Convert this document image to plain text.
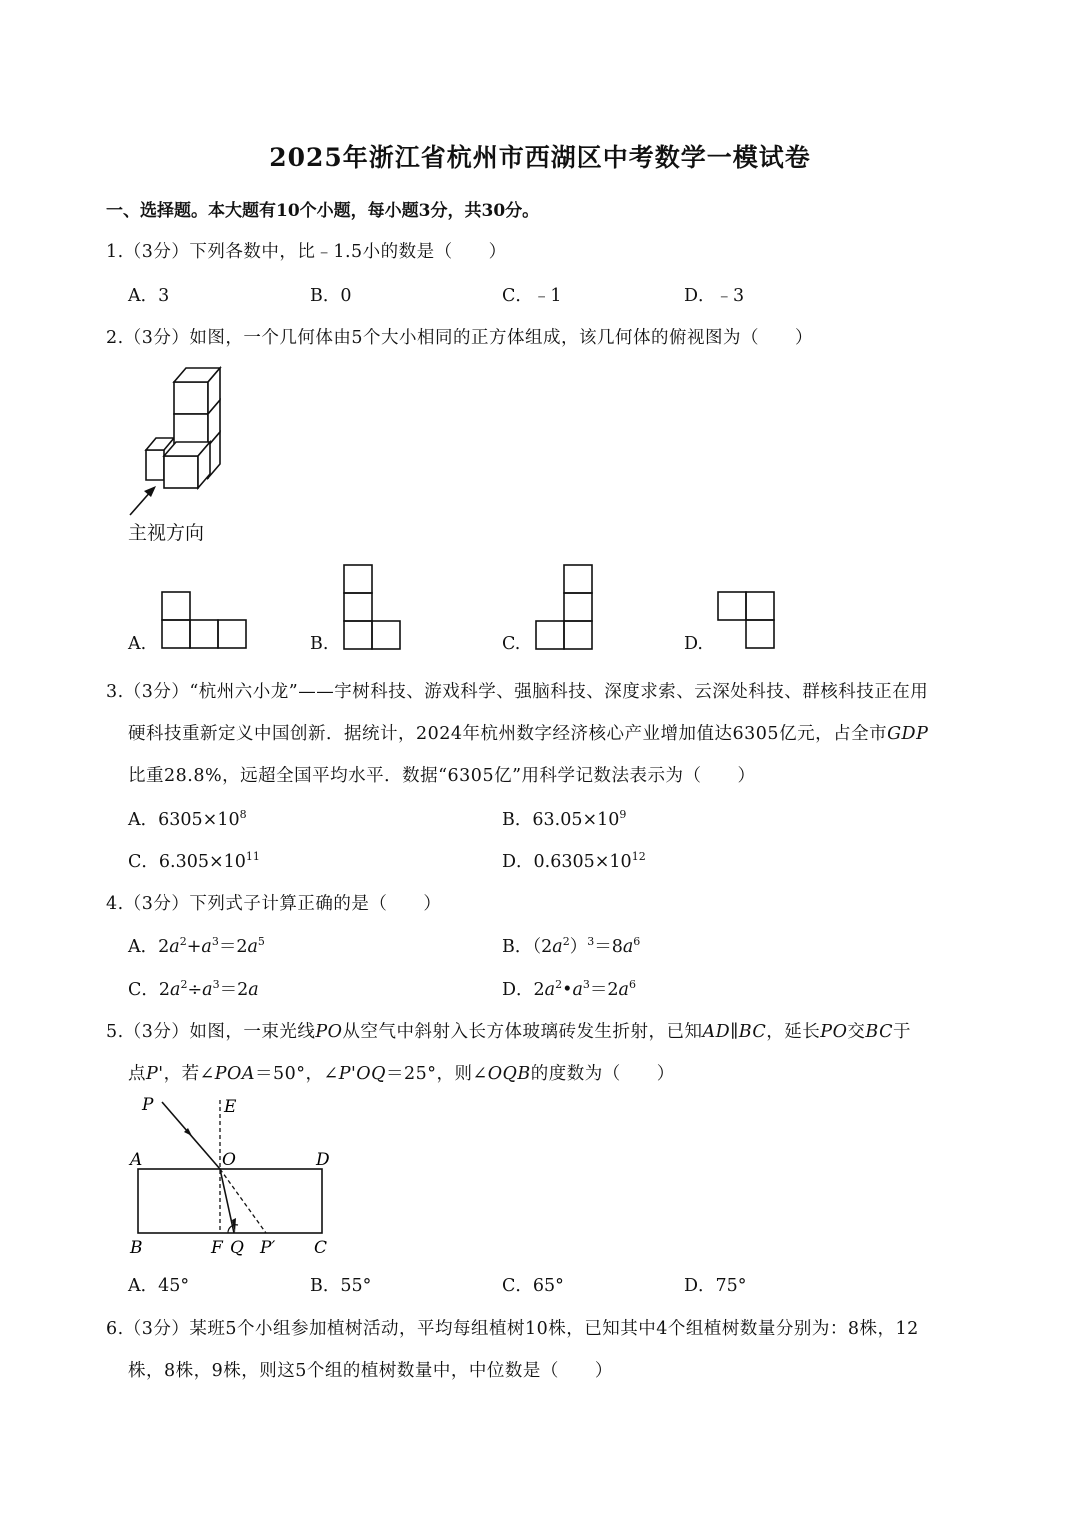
2025年浙江省杭州市西湖区中考数学一模试卷
一、选择题。本大题有10个小题，每小题3分，共30分。
1.（3分）下列各数中，比﹣1.5小的数是（　　）
A．3	B．0	C．﹣1	D．﹣3
2.（3分）如图，一个几何体由5个大小相同的正方体组成，该几何体的俯视图为（　　）
主视方向
A.	B.	C.	D.
3.（3分）“杭州六小龙”——宇树科技、游戏科学、强脑科技、深度求索、云深处科技、群核科技正在用
硬科技重新定义中国创新．据统计，2024年杭州数字经济核心产业增加值达6305亿元，占全市GDP
比重28.8%，远超全国平均水平．数据“6305亿”用科学记数法表示为（　　）
A．$6305\times 10^8$	B．$63.05\times 10^9$
C．$6.305\times 10^{11}$	D．$0.6305\times 10^{12}$
4.（3分）下列式子计算正确的是（　　）
A．$2a^2+a^3=2a^5$	B．$(2a^2)^3=8a^6$
C．$2a^2\div a^3=2a$	D．$2a^2•a^3=2a^6$
5.（3分）如图，一束光线PO从空气中斜射入长方体玻璃砖发生折射，已知AD∥BC，延长PO交BC于
点P'，若∠POA＝50°，∠P'OQ＝25°，则∠OQB的度数为（　　）
P	E
A	O	D
B	F Q P′ C
A．45°	B．55°	C．65°	D．75°
6.（3分）某班5个小组参加植树活动，平均每组植树10株，已知其中4个组植树数量分别为：8株，12
株，8株，9株，则这5个组的植树数量中，中位数是（　　）
